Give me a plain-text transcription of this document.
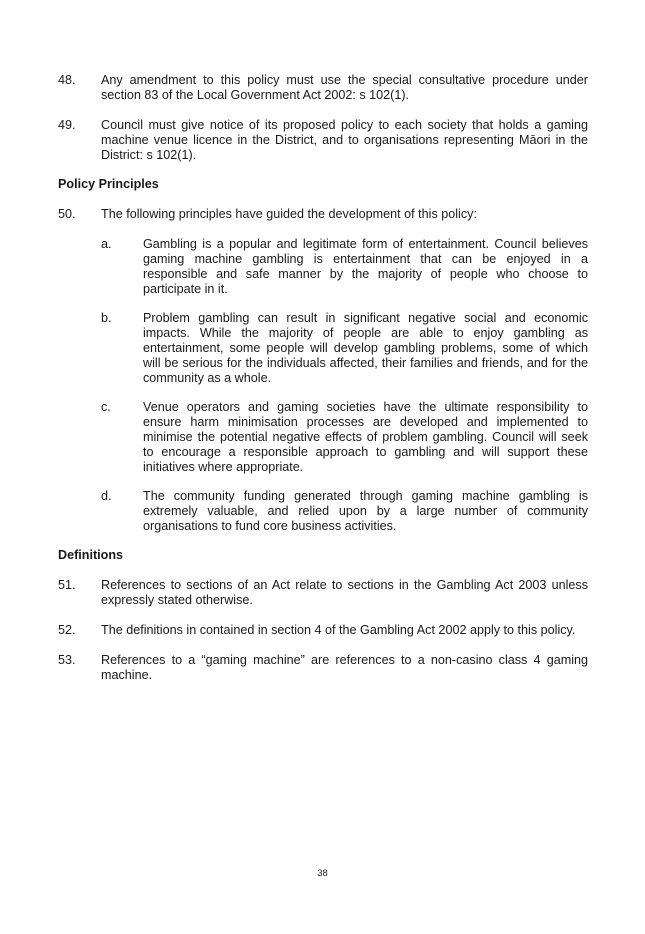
48. Any amendment to this policy must use the special consultative procedure under
section 83 of the Local Government Act 2002: s 102(1).
49. Council must give notice of its proposed policy to each society that holds a gaming
machine venue licence in the District, and to organisations representing Māori in the
District: s 102(1).
Policy Principles
50. The following principles have guided the development of this policy:
a. Gambling is a popular and legitimate form of entertainment. Council believes
gaming machine gambling is entertainment that can be enjoyed in a
responsible and safe manner by the majority of people who choose to
participate in it.
b. Problem gambling can result in significant negative social and economic
impacts. While the majority of people are able to enjoy gambling as
entertainment, some people will develop gambling problems, some of which
will be serious for the individuals affected, their families and friends, and for the
community as a whole.
c.	Venue operators and gaming societies have the ultimate responsibility to
ensure harm minimisation processes are developed and implemented to
minimise the potential negative effects of problem gambling. Council will seek
to encourage a responsible approach to gambling and will support these
initiatives where appropriate.
d. The community funding generated through gaming machine gambling is
extremely valuable, and relied upon by a large number of community
organisations to fund core business activities.
Definitions
51. References to sections of an Act relate to sections in the Gambling Act 2003 unless
expressly stated otherwise.
52. The definitions in contained in section 4 of the Gambling Act 2002 apply to this policy.
53. References to a “gaming machine” are references to a non-casino class 4 gaming
machine.
38
